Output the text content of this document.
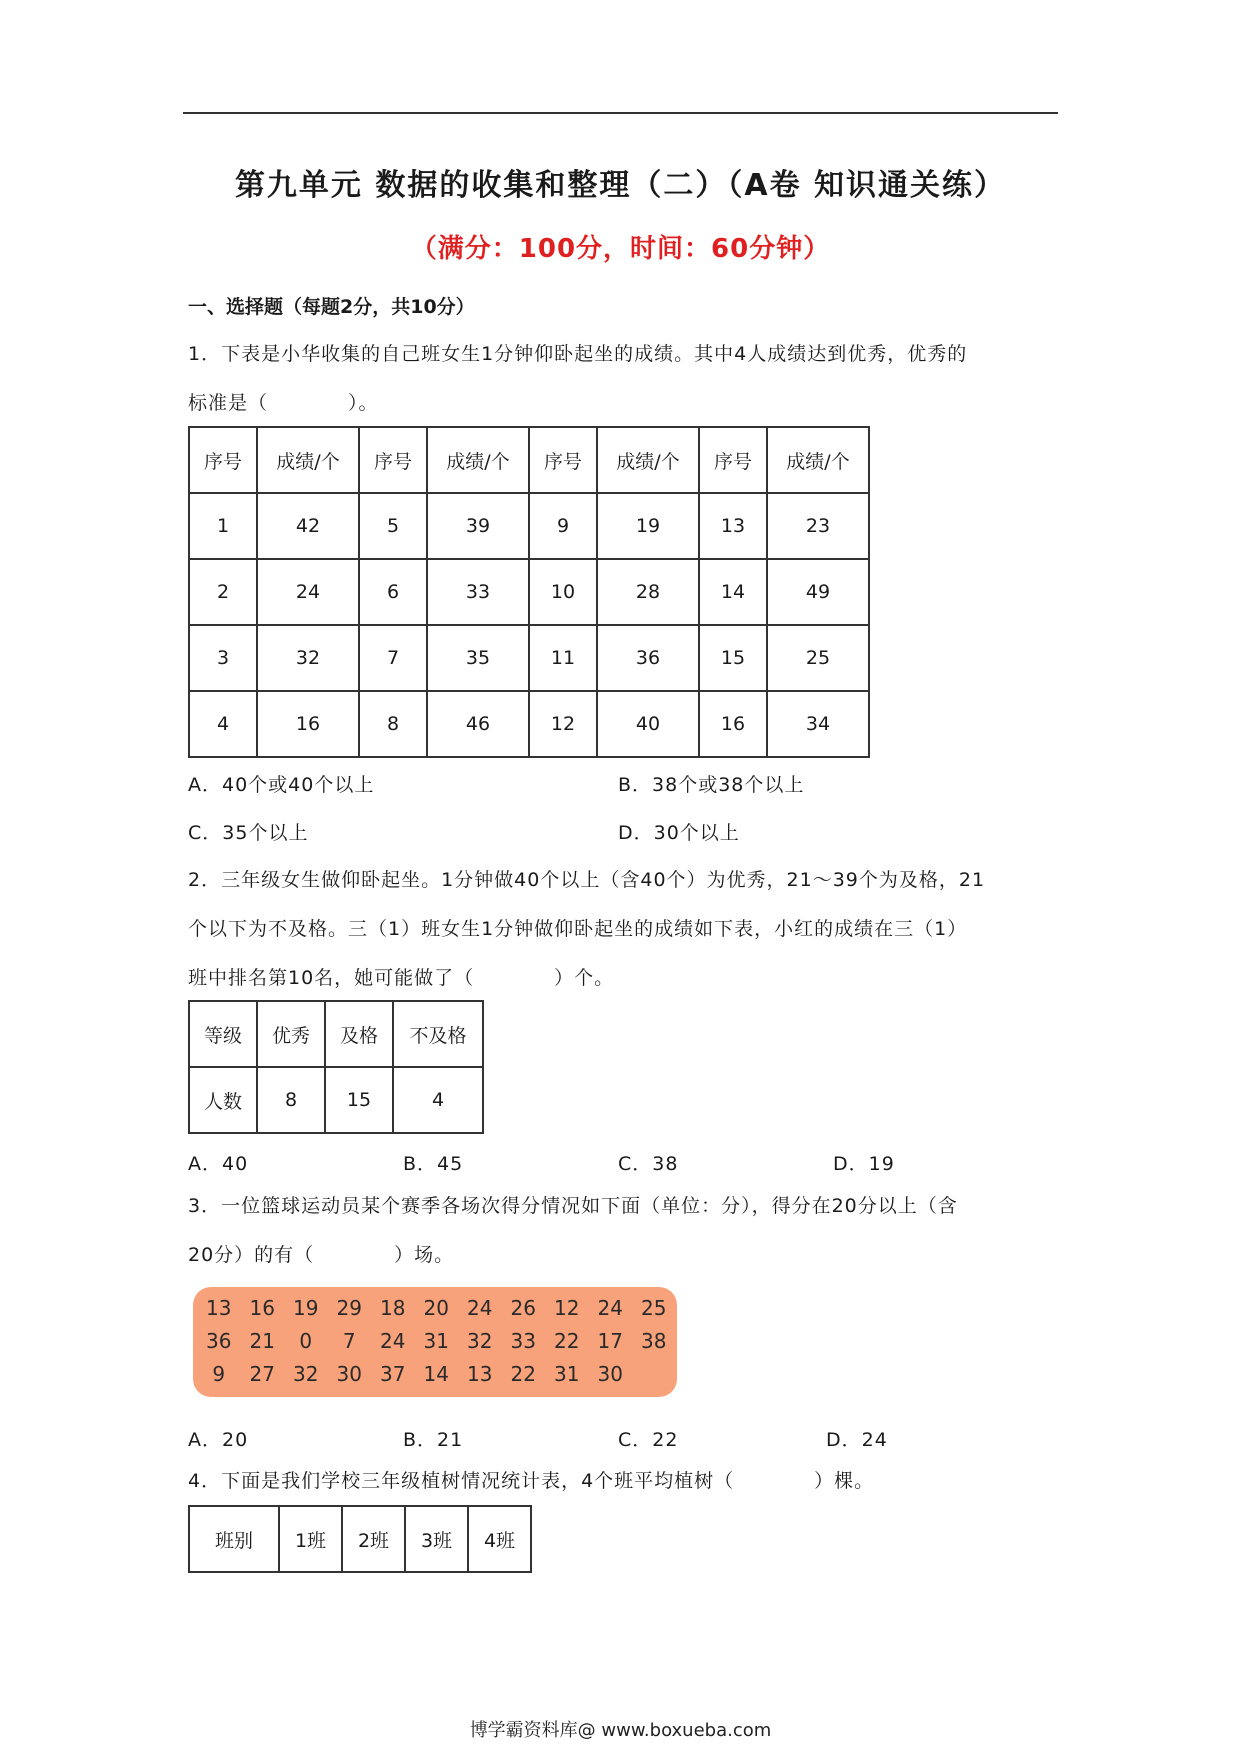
第九单元 数据的收集和整理（二）（A卷 知识通关练）
（满分：100分，时间：60分钟）
一、选择题（每题2分，共10分）
1．下表是小华收集的自己班女生1分钟仰卧起坐的成绩。其中4人成绩达到优秀，优秀的
标准是（　　　　）。
序号	成绩/个	序号	成绩/个	序号	成绩/个	序号	成绩/个
1	42	5	39	9	19	13	23
2	24	6	33	10	28	14	49
3	32	7	35	11	36	15	25
4	16	8	46	12	40	16	34
A．40个或40个以上	B．38个或38个以上
C．35个以上	D．30个以上
2．三年级女生做仰卧起坐。1分钟做40个以上（含40个）为优秀，21～39个为及格，21
个以下为不及格。三（1）班女生1分钟做仰卧起坐的成绩如下表，小红的成绩在三（1）
班中排名第10名，她可能做了（　　　　）个。
等级	优秀	及格	不及格
人数	8	15	4
A．40	B．45	C．38	D．19
3．一位篮球运动员某个赛季各场次得分情况如下面（单位：分），得分在20分以上（含
20分）的有（　　　　）场。
13 16 19 29 18 20 24 26 12 24 25
36 21	0	7	24 31 32 33 22 17 38
9	27 32 30 37 14 13 22 31 30
A．20	B．21	C．22	D．24
4．下面是我们学校三年级植树情况统计表，4个班平均植树（　　　　）棵。
班别	1班	2班	3班	4班
博学霸资料库@ www.boxueba.com
